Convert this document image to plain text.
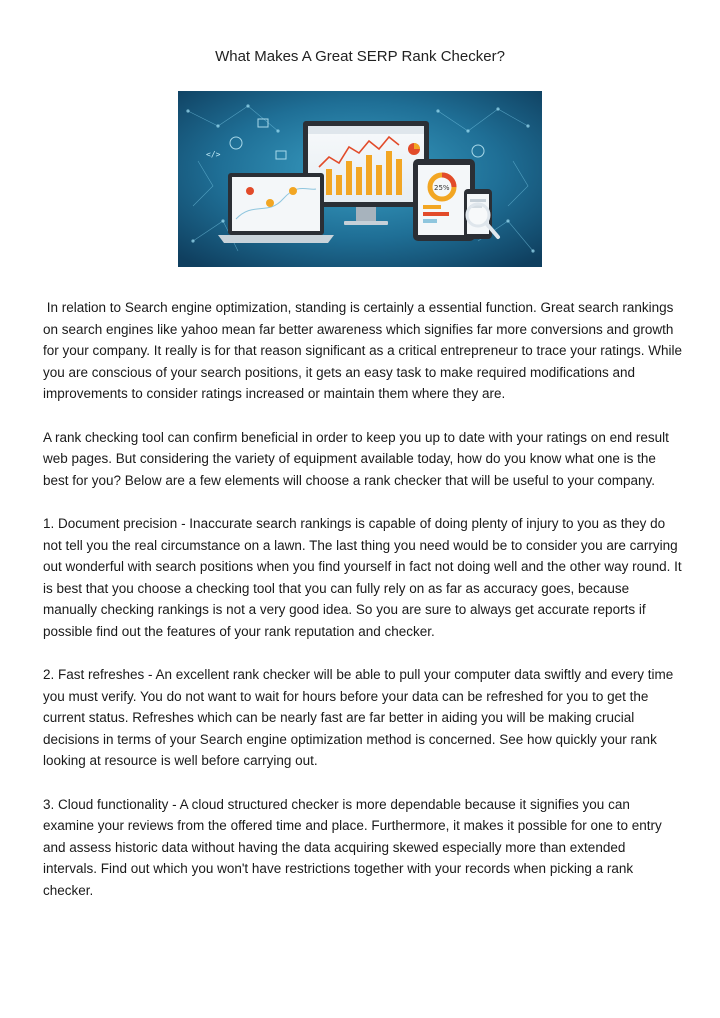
What Makes A Great SERP Rank Checker?
</>
25%

In relation to Search engine optimization, standing is certainly a essential function. Great search rankings on search engines like yahoo mean far better awareness which signifies far more conversions and growth for your company. It really is for that reason significant as a critical entrepreneur to trace your ratings. While you are conscious of your search positions, it gets an easy task to make required modifications and improvements to consider ratings increased or maintain them where they are.

A rank checking tool can confirm beneficial in order to keep you up to date with your ratings on end result web pages. But considering the variety of equipment available today, how do you know what one is the best for you? Below are a few elements will choose a rank checker that will be useful to your company.

1. Document precision - Inaccurate search rankings is capable of doing plenty of injury to you as they do not tell you the real circumstance on a lawn. The last thing you need would be to consider you are carrying out wonderful with search positions when you find yourself in fact not doing well and the other way round. It is best that you choose a checking tool that you can fully rely on as far as accuracy goes, because manually checking rankings is not a very good idea. So you are sure to always get accurate reports if possible find out the features of your rank reputation and checker.

2. Fast refreshes - An excellent rank checker will be able to pull your computer data swiftly and every time you must verify. You do not want to wait for hours before your data can be refreshed for you to get the current status. Refreshes which can be nearly fast are far better in aiding you will be making crucial decisions in terms of your Search engine optimization method is concerned. See how quickly your rank looking at resource is well before carrying out.

3. Cloud functionality - A cloud structured checker is more dependable because it signifies you can examine your reviews from the offered time and place. Furthermore, it makes it possible for one to entry and assess historic data without having the data acquiring skewed especially more than extended intervals. Find out which you won't have restrictions together with your records when picking a rank checker.
